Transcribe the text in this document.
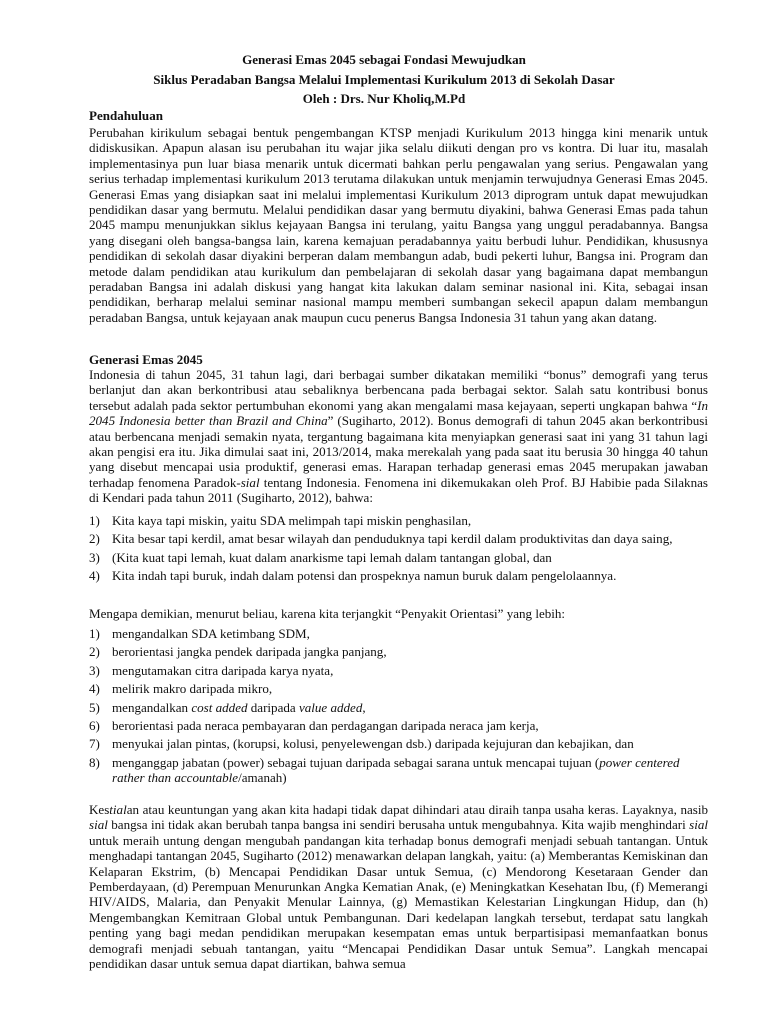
Generasi Emas 2045 sebagai Fondasi Mewujudkan
Siklus Peradaban Bangsa Melalui Implementasi Kurikulum 2013 di Sekolah Dasar
Oleh : Drs. Nur Kholiq,M.Pd
Pendahuluan
Perubahan kirikulum sebagai bentuk pengembangan KTSP menjadi Kurikulum 2013 hingga kini menarik untuk didiskusikan. Apapun alasan isu perubahan itu wajar jika selalu diikuti dengan pro vs kontra. Di luar itu, masalah implementasinya pun luar biasa menarik untuk dicermati bahkan perlu pengawalan yang serius. Pengawalan yang serius terhadap implementasi kurikulum 2013 terutama dilakukan untuk menjamin terwujudnya Generasi Emas 2045. Generasi Emas yang disiapkan saat ini melalui implementasi Kurikulum 2013 diprogram untuk dapat mewujudkan pendidikan dasar yang bermutu. Melalui pendidikan dasar yang bermutu diyakini, bahwa Generasi Emas pada tahun 2045 mampu menunjukkan siklus kejayaan Bangsa ini terulang, yaitu Bangsa yang unggul peradabannya. Bangsa yang disegani oleh bangsa-bangsa lain, karena kemajuan peradabannya yaitu berbudi luhur. Pendidikan, khususnya pendidikan di sekolah dasar diyakini berperan dalam membangun adab, budi pekerti luhur, Bangsa ini. Program dan metode dalam pendidikan atau kurikulum dan pembelajaran di sekolah dasar yang bagaimana dapat membangun peradaban Bangsa ini adalah diskusi yang hangat kita lakukan dalam seminar nasional ini. Kita, sebagai insan pendidikan, berharap melalui seminar nasional mampu memberi sumbangan sekecil apapun dalam membangun peradaban Bangsa, untuk kejayaan anak maupun cucu penerus Bangsa Indonesia 31 tahun yang akan datang.
Generasi Emas 2045
Indonesia di tahun 2045, 31 tahun lagi, dari berbagai sumber dikatakan memiliki “bonus” demografi yang terus berlanjut dan akan berkontribusi atau sebaliknya berbencana pada berbagai sektor. Salah satu kontribusi bonus tersebut adalah pada sektor pertumbuhan ekonomi yang akan mengalami masa kejayaan, seperti ungkapan bahwa “In 2045 Indonesia better than Brazil and China” (Sugiharto, 2012). Bonus demografi di tahun 2045 akan berkontribusi atau berbencana menjadi semakin nyata, tergantung bagaimana kita menyiapkan generasi saat ini yang 31 tahun lagi akan pengisi era itu. Jika dimulai saat ini, 2013/2014, maka merekalah yang pada saat itu berusia 30 hingga 40 tahun yang disebut mencapai usia produktif, generasi emas. Harapan terhadap generasi emas 2045 merupakan jawaban terhadap fenomena Paradok-sial tentang Indonesia. Fenomena ini dikemukakan oleh Prof. BJ Habibie pada Silaknas di Kendari pada tahun 2011 (Sugiharto, 2012), bahwa:
1) Kita kaya tapi miskin, yaitu SDA melimpah tapi miskin penghasilan,
2) Kita besar tapi kerdil, amat besar wilayah dan penduduknya tapi kerdil dalam produktivitas dan daya saing,
3) (Kita kuat tapi lemah, kuat dalam anarkisme tapi lemah dalam tantangan global, dan
4) Kita indah tapi buruk, indah dalam potensi dan prospeknya namun buruk dalam pengelolaannya.
Mengapa demikian, menurut beliau, karena kita terjangkit “Penyakit Orientasi” yang lebih:
1) mengandalkan SDA ketimbang SDM,
2) berorientasi jangka pendek daripada jangka panjang,
3) mengutamakan citra daripada karya nyata,
4) melirik makro daripada mikro,
5) mengandalkan cost added daripada value added,
6) berorientasi pada neraca pembayaran dan perdagangan daripada neraca jam kerja,
7) menyukai jalan pintas, (korupsi, kolusi, penyelewengan dsb.) daripada kejujuran dan kebajikan, dan
8) menganggap jabatan (power) sebagai tujuan daripada sebagai sarana untuk mencapai tujuan (power centered rather than accountable/amanah)
Kestialan atau keuntungan yang akan kita hadapi tidak dapat dihindari atau diraih tanpa usaha keras. Layaknya, nasib sial bangsa ini tidak akan berubah tanpa bangsa ini sendiri berusaha untuk mengubahnya. Kita wajib menghindari sial untuk meraih untung dengan mengubah pandangan kita terhadap bonus demografi menjadi sebuah tantangan. Untuk menghadapi tantangan 2045, Sugiharto (2012) menawarkan delapan langkah, yaitu: (a) Memberantas Kemiskinan dan Kelaparan Ekstrim, (b) Mencapai Pendidikan Dasar untuk Semua, (c) Mendorong Kesetaraan Gender dan Pemberdayaan, (d) Perempuan Menurunkan Angka Kematian Anak, (e) Meningkatkan Kesehatan Ibu, (f) Memerangi HIV/AIDS, Malaria, dan Penyakit Menular Lainnya, (g) Memastikan Kelestarian Lingkungan Hidup, dan (h) Mengembangkan Kemitraan Global untuk Pembangunan. Dari kedelapan langkah tersebut, terdapat satu langkah penting yang bagi medan pendidikan merupakan kesempatan emas untuk berpartisipasi memanfaatkan bonus demografi menjadi sebuah tantangan, yaitu “Mencapai Pendidikan Dasar untuk Semua”. Langkah mencapai pendidikan dasar untuk semua dapat diartikan, bahwa semua
